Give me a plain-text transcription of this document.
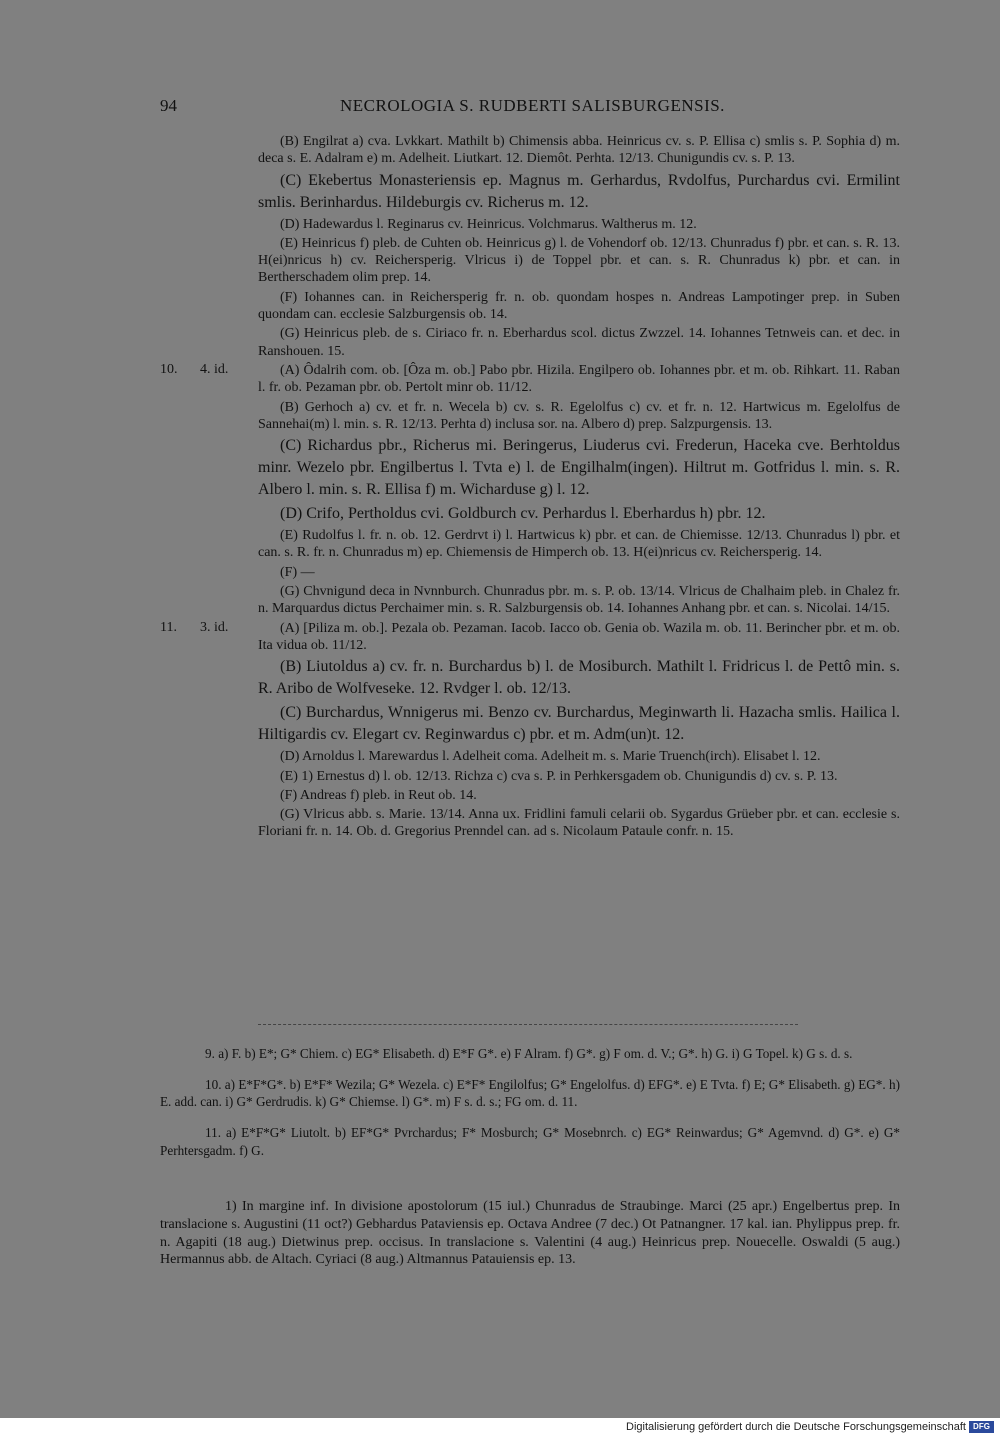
94	NECROLOGIA S. RUDBERTI SALISBURGENSIS.

(B) Engilrat a) cva. Lvkkart. Mathilt b) Chimensis abba. Heinricus cv. s. P. Ellisa c) smlis s. P. Sophia d) m. deca s. E. Adalram e) m. Adelheit. Liutkart. 12. Diemôt. Perhta. 12/13. Chunigundis cv. s. P. 13.

(C) Ekebertus Monasteriensis ep. Magnus m. Gerhardus, Rvdolfus, Purchardus cvi. Ermilint smlis. Berinhardus. Hildeburgis cv. Richerus m. 12.

(D) Hadewardus l. Reginarus cv. Heinricus. Volchmarus. Waltherus m. 12.

(E) Heinricus f) pleb. de Cuhten ob. Heinricus g) l. de Vohendorf ob. 12/13. Chunradus f) pbr. et can. s. R. 13. H(ei)nricus h) cv. Reichersperig. Vlricus i) de Toppel pbr. et can. s. R. Chunradus k) pbr. et can. in Bertherschadem olim prep. 14.

(F) Iohannes can. in Reichersperig fr. n. ob. quondam hospes n. Andreas Lampotinger prep. in Suben quondam can. ecclesie Salzburgensis ob. 14.

(G) Heinricus pleb. de s. Ciriaco fr. n. Eberhardus scol. dictus Zwzzel. 14. Iohannes Tetnweis can. et dec. in Ranshouen. 15.

10. 4. id.	(A) Ôdalrih com. ob. [Ôza m. ob.] Pabo pbr. Hizila. Engilpero ob. Iohannes pbr. et m. ob. Rihkart. 11. Raban l. fr. ob. Pezaman pbr. ob. Pertolt minr ob. 11/12.

(B) Gerhoch a) cv. et fr. n. Wecela b) cv. s. R. Egelolfus c) cv. et fr. n. 12. Hartwicus m. Egelolfus de Sannehai(m) l. min. s. R. 12/13. Perhta d) inclusa sor. na. Albero d) prep. Salzpurgensis. 13.

(C) Richardus pbr., Richerus mi. Beringerus, Liuderus cvi. Frederun, Haceka cve. Berhtoldus minr. Wezelo pbr. Engilbertus l. Tvta e) l. de Engilhalm(ingen). Hiltrut m. Gotfridus l. min. s. R. Albero l. min. s. R. Ellisa f) m. Wicharduse g) l. 12.

(D) Crifo, Pertholdus cvi. Goldburch cv. Perhardus l. Eberhardus h) pbr. 12.

(E) Rudolfus l. fr. n. ob. 12. Gerdrvt i) l. Hartwicus k) pbr. et can. de Chiemisse. 12/13. Chunradus l) pbr. et can. s. R. fr. n. Chunradus m) ep. Chiemensis de Himperch ob. 13. H(ei)nricus cv. Reichersperig. 14.

(F) —

(G) Chvnigund deca in Nvnnburch. Chunradus pbr. m. s. P. ob. 13/14. Vlricus de Chalhaim pleb. in Chalez fr. n. Marquardus dictus Perchaimer min. s. R. Salzburgensis ob. 14. Iohannes Anhang pbr. et can. s. Nicolai. 14/15.

11. 3. id.	(A) [Piliza m. ob.]. Pezala ob. Pezaman. Iacob. Iacco ob. Genia ob. Wazila m. ob. 11. Berincher pbr. et m. ob. Ita vidua ob. 11/12.

(B) Liutoldus a) cv. fr. n. Burchardus b) l. de Mosiburch. Mathilt l. Fridricus l. de Pettô min. s. R. Aribo de Wolfveseke. 12. Rvdger l. ob. 12/13.

(C) Burchardus, Wnnigerus mi. Benzo cv. Burchardus, Meginwarth li. Hazacha smlis. Hailica l. Hiltigardis cv. Elegart cv. Reginwardus c) pbr. et m. Adm(un)t. 12.

(D) Arnoldus l. Marewardus l. Adelheit coma. Adelheit m. s. Marie Truench(irch). Elisabet l. 12.

(E) 1) Ernestus d) l. ob. 12/13. Richza c) cva s. P. in Perhkersgadem ob. Chunigundis d) cv. s. P. 13.

(F) Andreas f) pleb. in Reut ob. 14.

(G) Vlricus abb. s. Marie. 13/14. Anna ux. Fridlini famuli celarii ob. Sygardus Grüeber pbr. et can. ecclesie s. Floriani fr. n. 14. Ob. d. Gregorius Prenndel can. ad s. Nicolaum Pataule confr. n. 15.

9. a) F. b) E*; G* Chiem. c) EG* Elisabeth. d) E*F G*. e) F Alram. f) G*. g) F om. d. V.; G*. h) G. i) G Topel. k) G s. d. s.

10. a) E*F*G*. b) E*F* Wezila; G* Wezela. c) E*F* Engilolfus; G* Engelolfus. d) EFG*. e) E Tvta. f) E; G* Elisabeth. g) EG*. h) E. add. can. i) G* Gerdrudis. k) G* Chiemse. l) G*. m) F s. d. s.; FG om. d. 11.

11. a) E*F*G* Liutolt. b) EF*G* Pvrchardus; F* Mosburch; G* Mosebnrch. c) EG* Reinwardus; G* Agemvnd. d) G*. e) G* Perhtersgadm. f) G.

1) In margine inf. In divisione apostolorum (15 iul.) Chunradus de Straubinge. Marci (25 apr.) Engelbertus prep. In translacione s. Augustini (11 oct?) Gebhardus Pataviensis ep. Octava Andree (7 dec.) Ot Patnangner. 17 kal. ian. Phylippus prep. fr. n. Agapiti (18 aug.) Dietwinus prep. occisus. In translacione s. Valentini (4 aug.) Heinricus prep. Nouecelle. Oswaldi (5 aug.) Hermannus abb. de Altach. Cyriaci (8 aug.) Altmannus Patauiensis ep. 13.

Digitalisierung gefördert durch die Deutsche Forschungsgemeinschaft DFG
